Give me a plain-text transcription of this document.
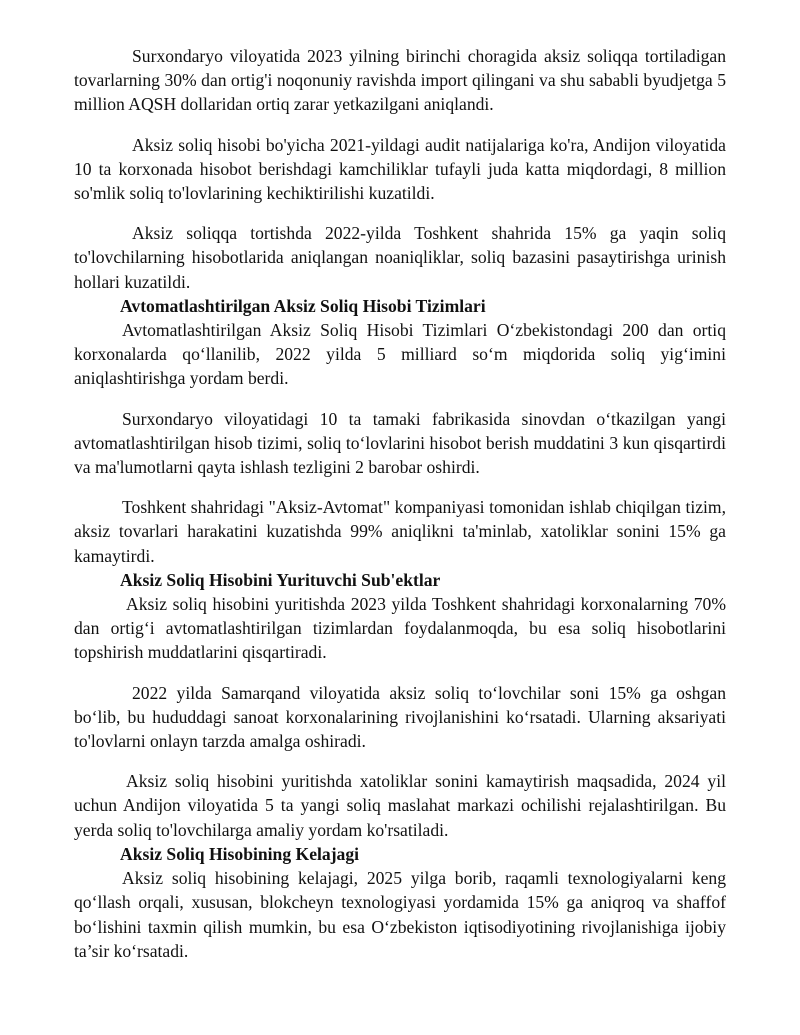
Surxondaryo viloyatida 2023 yilning birinchi choragida aksiz soliqqa tortiladigan tovarlarning 30% dan ortig'i noqonuniy ravishda import qilingani va shu sababli byudjetga 5 million AQSH dollaridan ortiq zarar yetkazilgani aniqlandi.

Aksiz soliq hisobi bo'yicha 2021-yildagi audit natijalariga ko'ra, Andijon viloyatida 10 ta korxonada hisobot berishdagi kamchiliklar tufayli juda katta miqdordagi, 8 million so'mlik soliq to'lovlarining kechiktirilishi kuzatildi.

Aksiz soliqqa tortishda 2022-yilda Toshkent shahrida 15% ga yaqin soliq to'lovchilarning hisobotlarida aniqlangan noaniqliklar, soliq bazasini pasaytirishga urinish hollari kuzatildi.

Avtomatlashtirilgan Aksiz Soliq Hisobi Tizimlari

Avtomatlashtirilgan Aksiz Soliq Hisobi Tizimlari O‘zbekistondagi 200 dan ortiq korxonalarda qo‘llanilib, 2022 yilda 5 milliard so‘m miqdorida soliq yig‘imini aniqlashtirishga yordam berdi.

Surxondaryo viloyatidagi 10 ta tamaki fabrikasida sinovdan o‘tkazilgan yangi avtomatlashtirilgan hisob tizimi, soliq to‘lovlarini hisobot berish muddatini 3 kun qisqartirdi va ma'lumotlarni qayta ishlash tezligini 2 barobar oshirdi.

Toshkent shahridagi "Aksiz-Avtomat" kompaniyasi tomonidan ishlab chiqilgan tizim, aksiz tovarlari harakatini kuzatishda 99% aniqlikni ta'minlab, xatoliklar sonini 15% ga kamaytirdi.

Aksiz Soliq Hisobini Yurituvchi Sub'ektlar

Aksiz soliq hisobini yuritishda 2023 yilda Toshkent shahridagi korxonalarning 70% dan ortig‘i avtomatlashtirilgan tizimlardan foydalanmoqda, bu esa soliq hisobotlarini topshirish muddatlarini qisqartiradi.

2022 yilda Samarqand viloyatida aksiz soliq to‘lovchilar soni 15% ga oshgan bo‘lib, bu hududdagi sanoat korxonalarining rivojlanishini ko‘rsatadi. Ularning aksariyati to'lovlarni onlayn tarzda amalga oshiradi.

Aksiz soliq hisobini yuritishda xatoliklar sonini kamaytirish maqsadida, 2024 yil uchun Andijon viloyatida 5 ta yangi soliq maslahat markazi ochilishi rejalashtirilgan. Bu yerda soliq to'lovchilarga amaliy yordam ko'rsatiladi.

Aksiz Soliq Hisobining Kelajagi

Aksiz soliq hisobining kelajagi, 2025 yilga borib, raqamli texnologiyalarni keng qo‘llash orqali, xususan, blokcheyn texnologiyasi yordamida 15% ga aniqroq va shaffof bo‘lishini taxmin qilish mumkin, bu esa O‘zbekiston iqtisodiyotining rivojlanishiga ijobiy ta’sir ko‘rsatadi.
